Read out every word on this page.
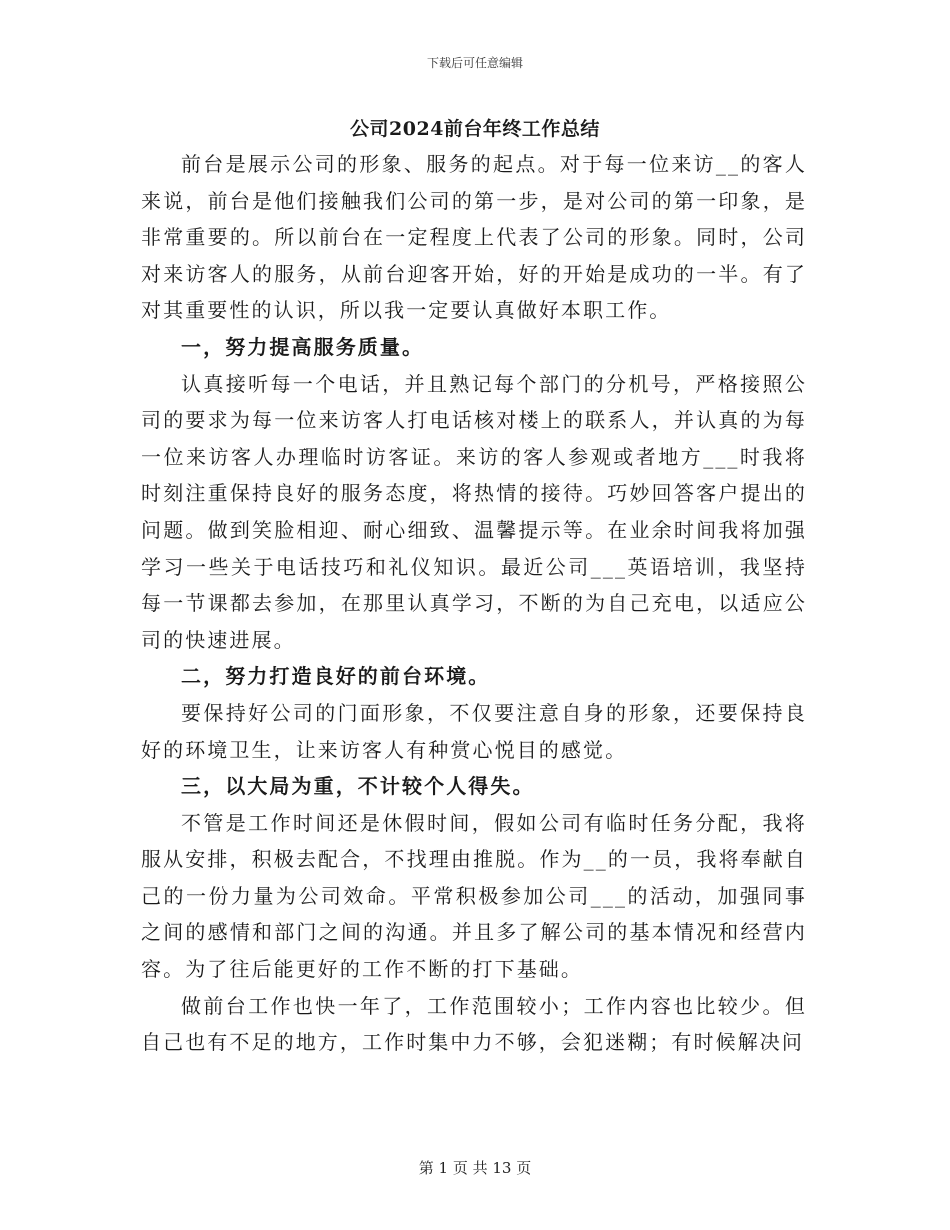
下载后可任意编辑
公司2024前台年终工作总结

前台是展示公司的形象、服务的起点。对于每一位来访__的客人来说，前台是他们接触我们公司的第一步，是对公司的第一印象，是非常重要的。所以前台在一定程度上代表了公司的形象。同时，公司对来访客人的服务，从前台迎客开始，好的开始是成功的一半。有了对其重要性的认识，所以我一定要认真做好本职工作。

一，努力提高服务质量。

认真接听每一个电话，并且熟记每个部门的分机号，严格接照公司的要求为每一位来访客人打电话核对楼上的联系人，并认真的为每一位来访客人办理临时访客证。来访的客人参观或者地方___时我将时刻注重保持良好的服务态度，将热情的接待。巧妙回答客户提出的问题。做到笑脸相迎、耐心细致、温馨提示等。在业余时间我将加强学习一些关于电话技巧和礼仪知识。最近公司___英语培训，我坚持每一节课都去参加，在那里认真学习，不断的为自己充电，以适应公司的快速进展。

二，努力打造良好的前台环境。

要保持好公司的门面形象，不仅要注意自身的形象，还要保持良好的环境卫生，让来访客人有种赏心悦目的感觉。

三，以大局为重，不计较个人得失。

不管是工作时间还是休假时间，假如公司有临时任务分配，我将服从安排，积极去配合，不找理由推脱。作为__的一员，我将奉献自己的一份力量为公司效命。平常积极参加公司___的活动，加强同事之间的感情和部门之间的沟通。并且多了解公司的基本情况和经营内容。为了往后能更好的工作不断的打下基础。

做前台工作也快一年了，工作范围较小；工作内容也比较少。但自己也有不足的地方，工作时集中力不够，会犯迷糊；有时候解决问

第 1 页 共 13 页
